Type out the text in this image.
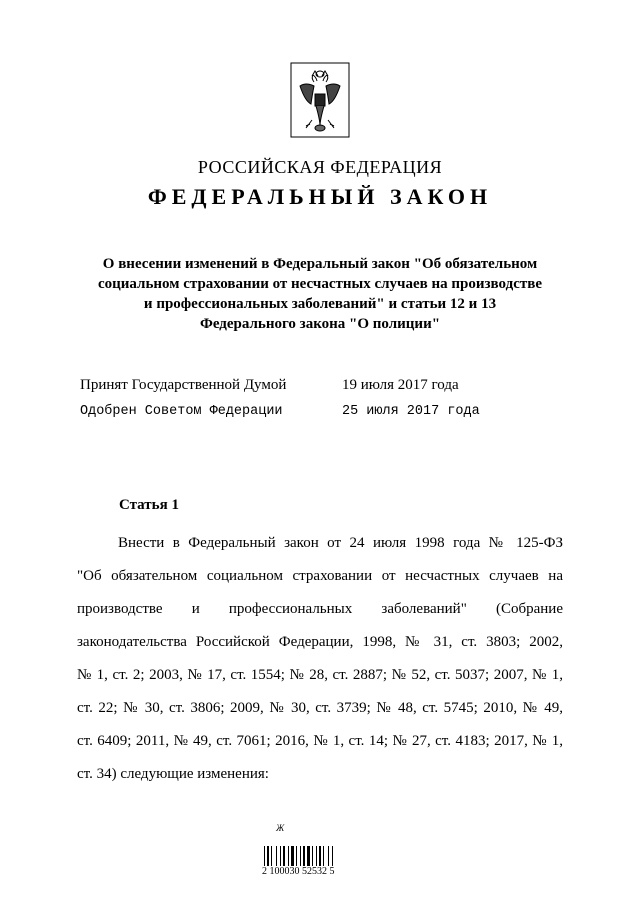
РОССИЙСКАЯ ФЕДЕРАЦИЯ
ФЕДЕРАЛЬНЫЙ ЗАКОН
О внесении изменений в Федеральный закон "Об обязательном
социальном страховании от несчастных случаев на производстве
и профессиональных заболеваний" и статьи 12 и 13
Федерального закона "О полиции"
Принят Государственной Думой	19 июля 2017 года
Одобрен Советом Федерации	25 июля 2017 года
Статья 1
Внести в Федеральный закон от 24 июля 1998 года № 125-ФЗ
"Об обязательном социальном страховании от несчастных случаев на
производстве и профессиональных заболеваний" (Собрание
законодательства Российской Федерации, 1998, № 31, ст. 3803; 2002,
№ 1, ст. 2; 2003, № 17, ст. 1554; № 28, ст. 2887; № 52, ст. 5037; 2007, № 1,
ст. 22; № 30, ст. 3806; 2009, № 30, ст. 3739; № 48, ст. 5745; 2010, № 49,
ст. 6409; 2011, № 49, ст. 7061; 2016, № 1, ст. 14; № 27, ст. 4183; 2017, № 1,
ст. 34) следующие изменения:
Ж
2 100030 52532 5
